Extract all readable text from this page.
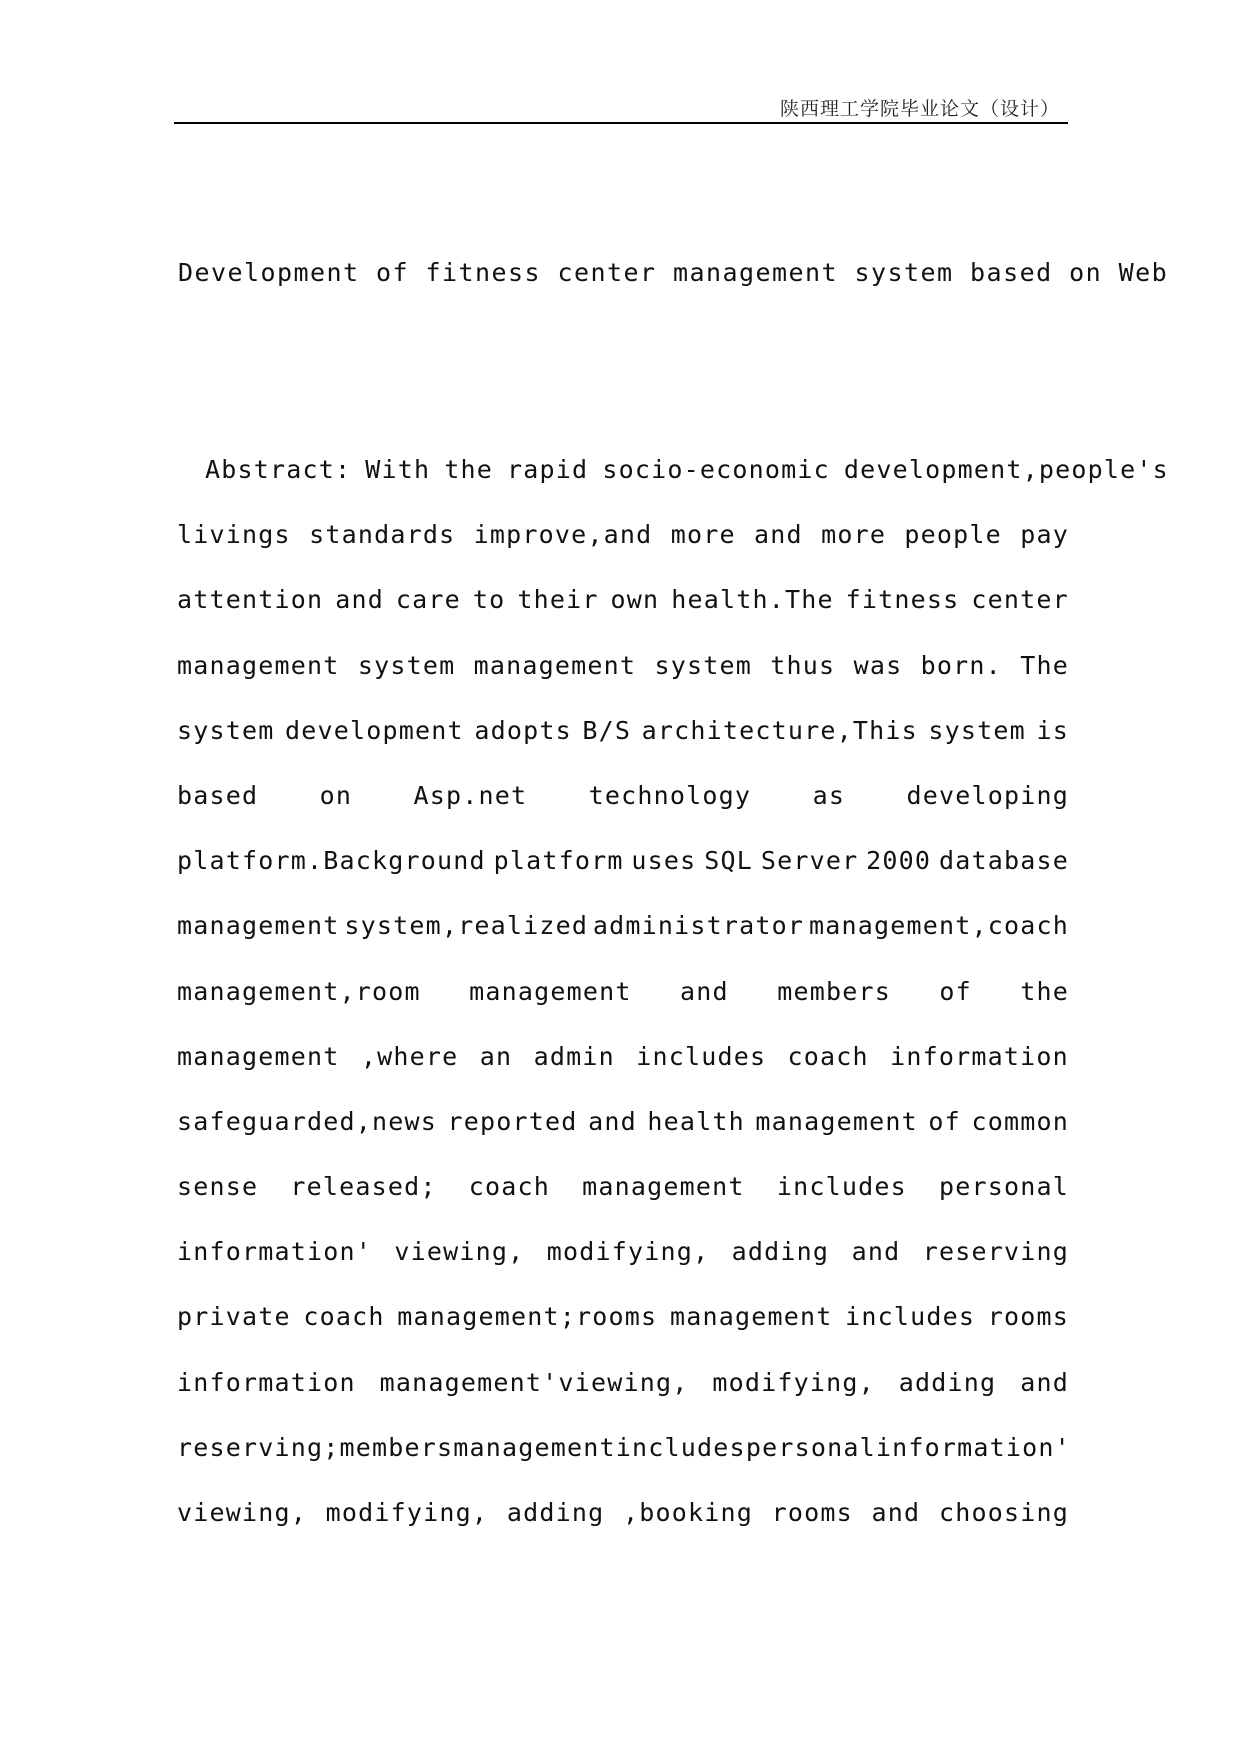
陕西理工学院毕业论文（设计）
Development of fitness center management system based on Web
Abstract: With the rapid socio-economic development,people's
livings standards improve,and more and more people pay
attention and care to their own health.The fitness center
management system management system thus was born. The
system development adopts B/S architecture,This system is
based on Asp.net technology as developing
platform.Background platform uses SQL Server 2000 database
management system,realized administrator management,coach
management,room management and members of the
management ,where an admin includes coach information
safeguarded,news reported and health management of common
sense released; coach management includes personal
information' viewing, modifying, adding and reserving
private coach management;rooms management includes rooms
information management'viewing, modifying, adding and
reserving;members management includes personal information'
viewing, modifying, adding ,booking rooms and choosing
